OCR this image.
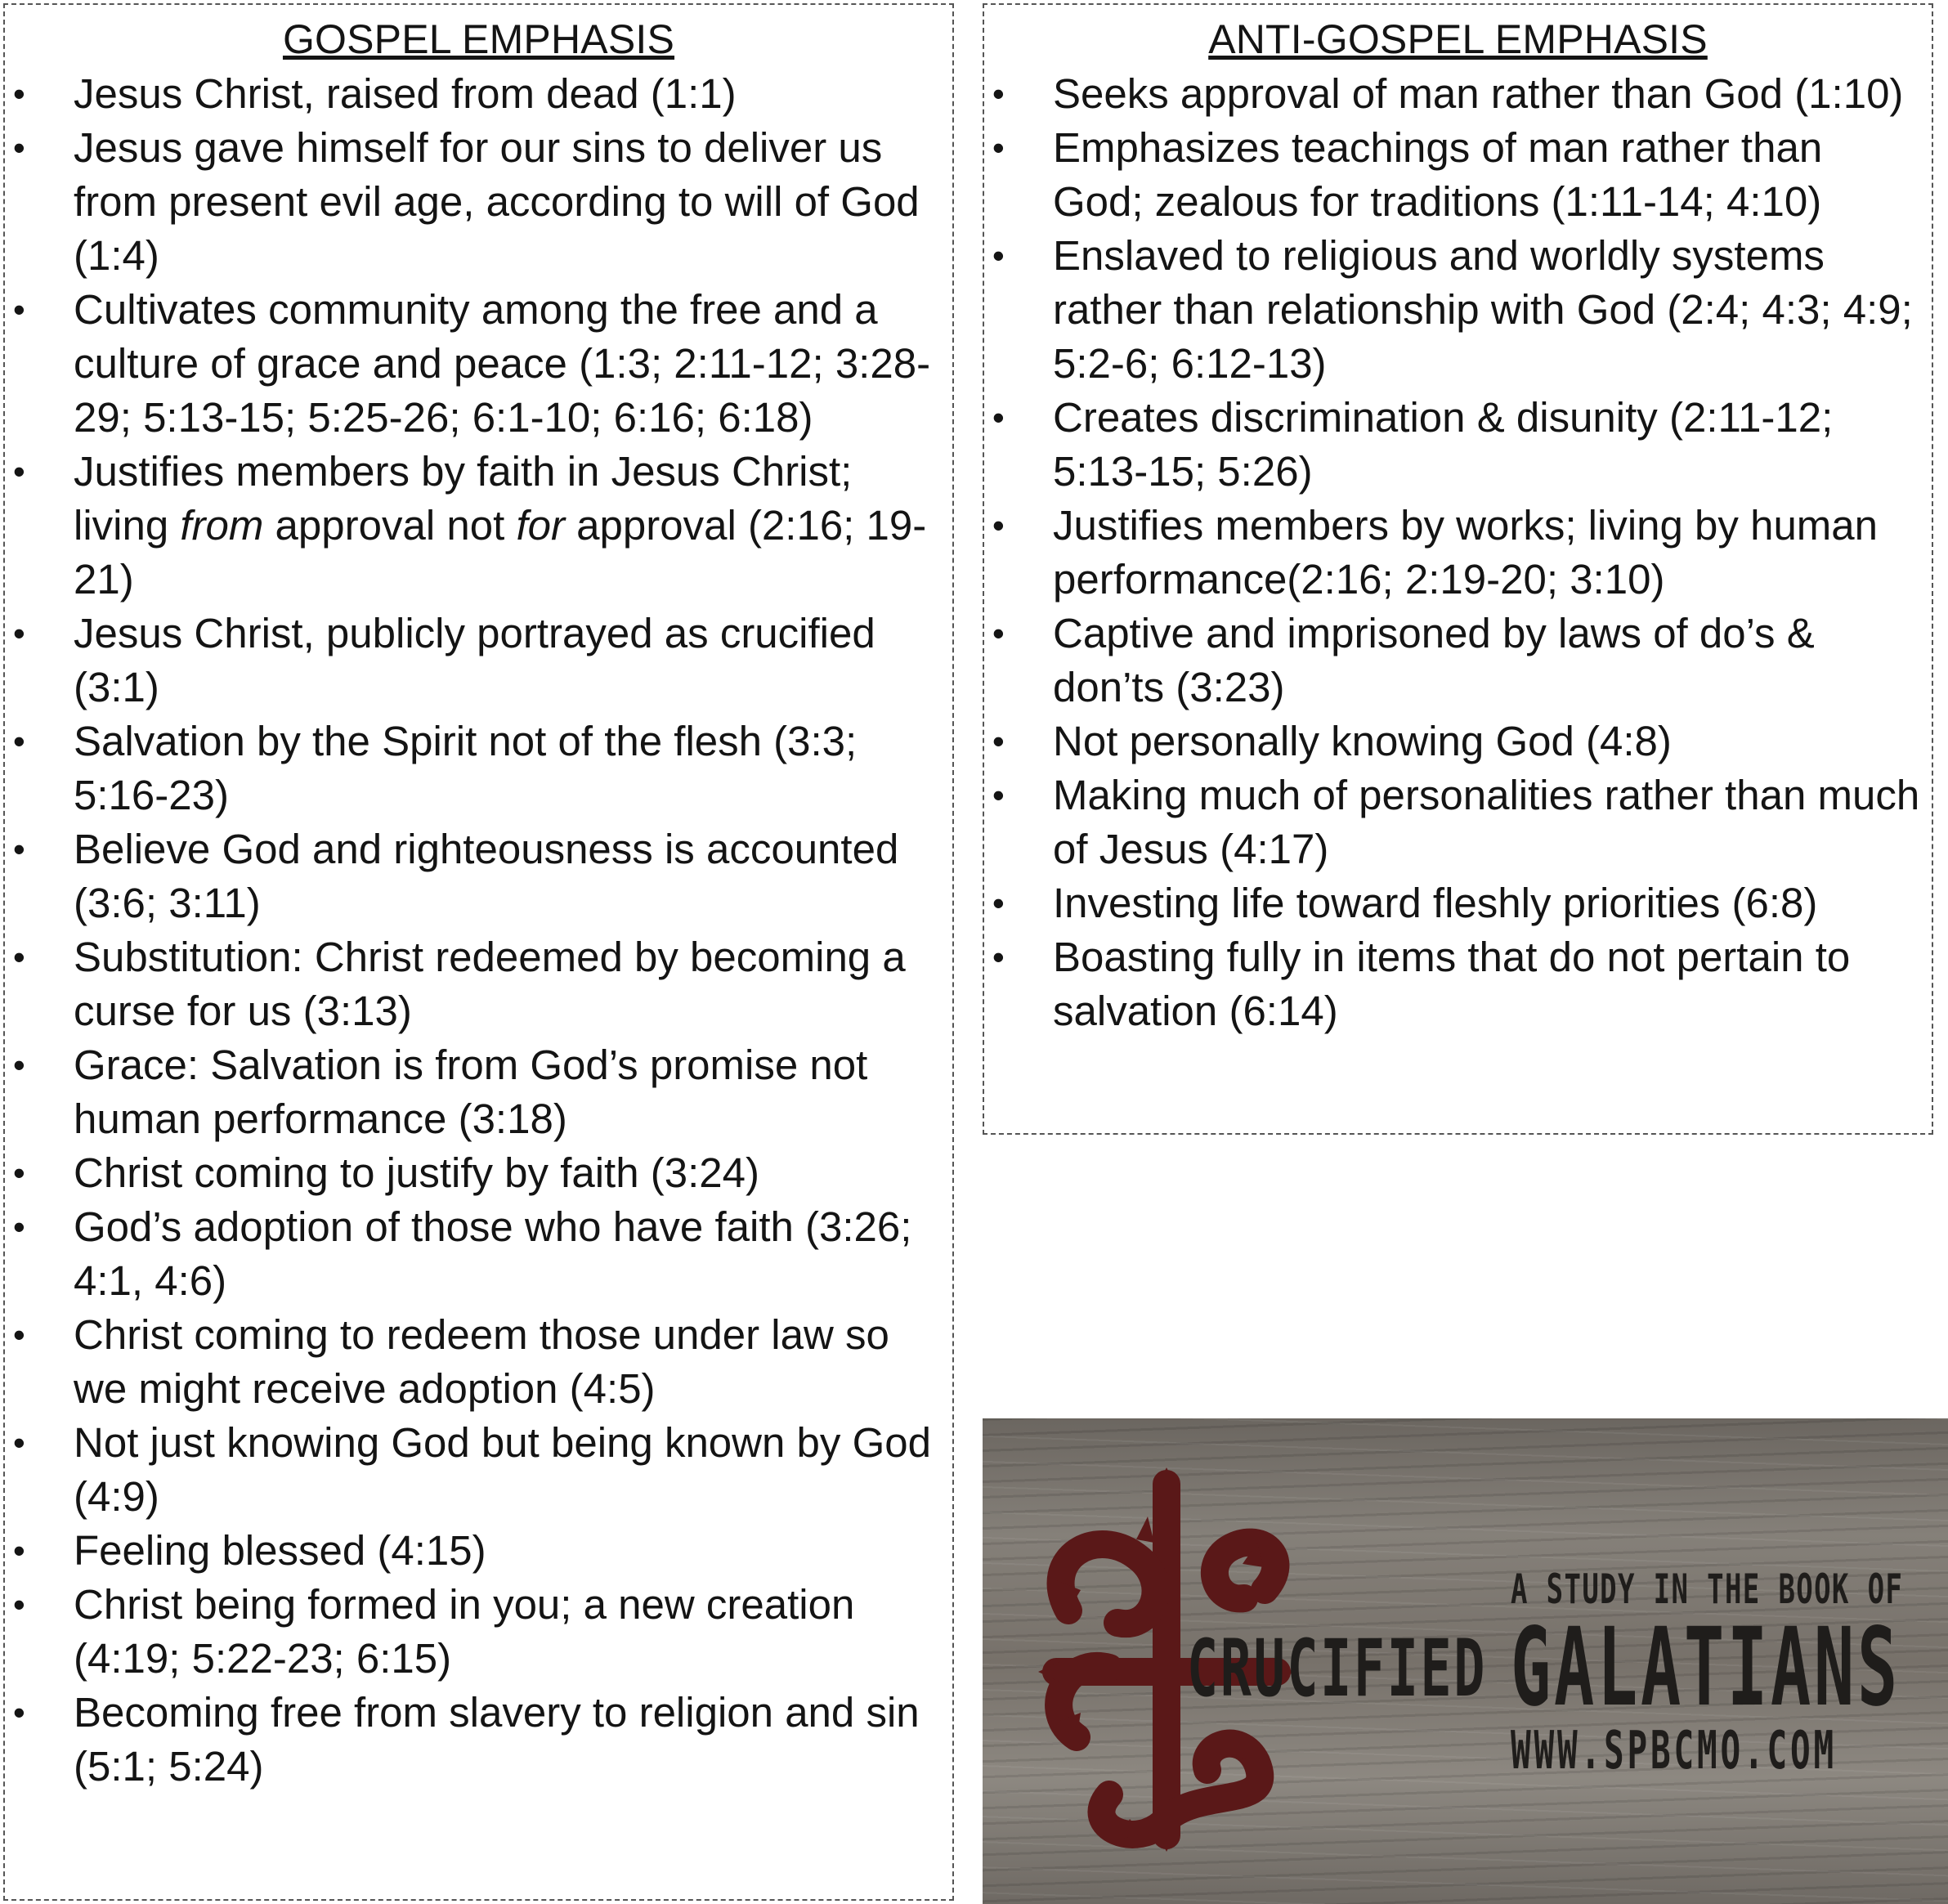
GOSPEL EMPHASIS
• Jesus Christ, raised from dead (1:1)
• Jesus gave himself for our sins to deliver us from present evil age, according to will of God (1:4)
• Cultivates community among the free and a culture of grace and peace (1:3; 2:11-12; 3:28-29; 5:13-15; 5:25-26; 6:1-10; 6:16; 6:18)
• Justifies members by faith in Jesus Christ; living from approval not for approval (2:16; 19-21)
• Jesus Christ, publicly portrayed as crucified (3:1)
• Salvation by the Spirit not of the flesh (3:3; 5:16-23)
• Believe God and righteousness is accounted (3:6; 3:11)
• Substitution: Christ redeemed by becoming a curse for us (3:13)
• Grace: Salvation is from God’s promise not human performance (3:18)
• Christ coming to justify by faith (3:24)
• God’s adoption of those who have faith (3:26; 4:1, 4:6)
• Christ coming to redeem those under law so we might receive adoption (4:5)
• Not just knowing God but being known by God (4:9)
• Feeling blessed (4:15)
• Christ being formed in you; a new creation (4:19; 5:22-23; 6:15)
• Becoming free from slavery to religion and sin (5:1; 5:24)
ANTI-GOSPEL EMPHASIS
• Seeks approval of man rather than God (1:10)
• Emphasizes teachings of man rather than God; zealous for traditions (1:11-14; 4:10)
• Enslaved to religious and worldly systems rather than relationship with God (2:4; 4:3; 4:9; 5:2-6; 6:12-13)
• Creates discrimination & disunity (2:11-12; 5:13-15; 5:26)
• Justifies members by works; living by human performance(2:16; 2:19-20; 3:10)
• Captive and imprisoned by laws of do’s & don’ts (3:23)
• Not personally knowing God (4:8)
• Making much of personalities rather than much of Jesus (4:17)
• Investing life toward fleshly priorities (6:8)
• Boasting fully in items that do not pertain to salvation (6:14)
CRUCIFIED
A STUDY IN THE BOOK OF
GALATIANS
WWW.SPBCMO.COM
